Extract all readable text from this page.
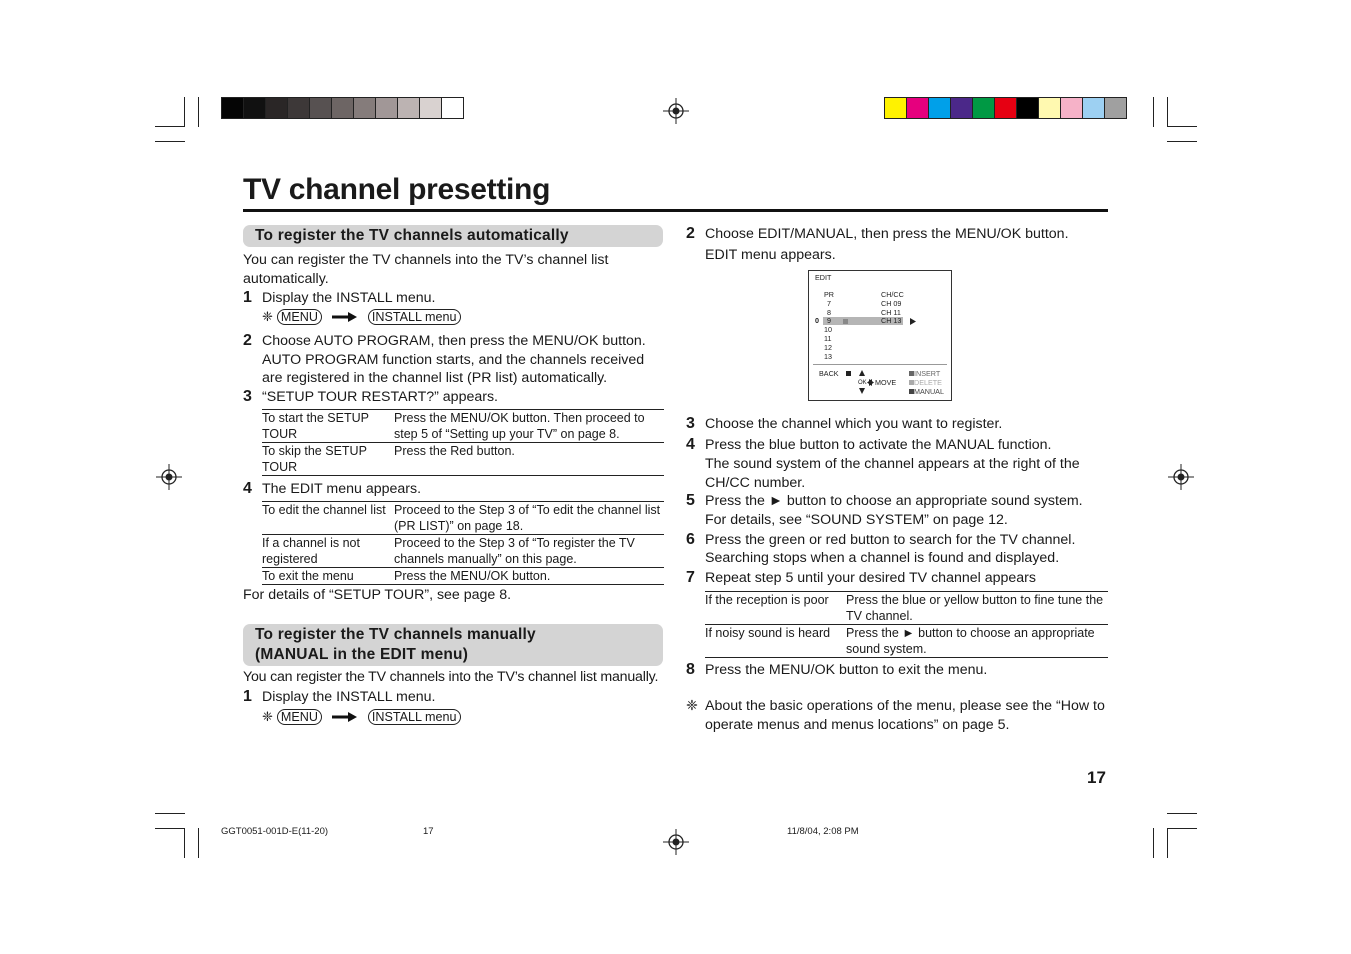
TV channel presetting
To register the TV channels automatically
You can register the TV channels into the TV’s channel list automatically.
1 Display the INSTALL menu.
❈ MENU	INSTALL menu
2 Choose AUTO PROGRAM, then press the MENU/OK button. AUTO PROGRAM function starts, and the channels received are registered in the channel list (PR list) automatically.
3 “SETUP TOUR RESTART?” appears.
To start the SETUP TOUR	Press the MENU/OK button. Then proceed to step 5 of “Setting up your TV” on page 8.
To skip the SETUP TOUR	Press the Red button.
4 The EDIT menu appears.
To edit the channel list	Proceed to the Step 3 of “To edit the channel list (PR LIST)” on page 18.
If a channel is not registered	Proceed to the Step 3 of “To register the TV channels manually” on this page.
To exit the menu	Press the MENU/OK button.
For details of “SETUP TOUR”, see page 8.
To register the TV channels manually
(MANUAL in the EDIT menu)
You can register the TV channels into the TV’s channel list manually.
1 Display the INSTALL menu.
❈ MENU	INSTALL menu
2 Choose EDIT/MANUAL, then press the MENU/OK button.
EDIT menu appears.
EDIT
PR	CH/CC
0
7	CH 09
8	CH 11
9	CH 13
10
11
12
13
BACK
OK MOVE
INSERT
DELETE
MANUAL
3 Choose the channel which you want to register.
4 Press the blue button to activate the MANUAL function.
The sound system of the channel appears at the right of the CH/CC number.
5 Press the ► button to choose an appropriate sound system.
For details, see “SOUND SYSTEM” on page 12.
6 Press the green or red button to search for the TV channel.
Searching stops when a channel is found and displayed.
7 Repeat step 5 until your desired TV channel appears
If the reception is poor	Press the blue or yellow button to fine tune the TV channel.
If noisy sound is heard	Press the ► button to choose an appropriate sound system.
8 Press the MENU/OK button to exit the menu.
❈ About the basic operations of the menu, please see the “How to operate menus and menus locations” on page 5.
17
GGT0051-001D-E(11-20)	17	11/8/04, 2:08 PM
